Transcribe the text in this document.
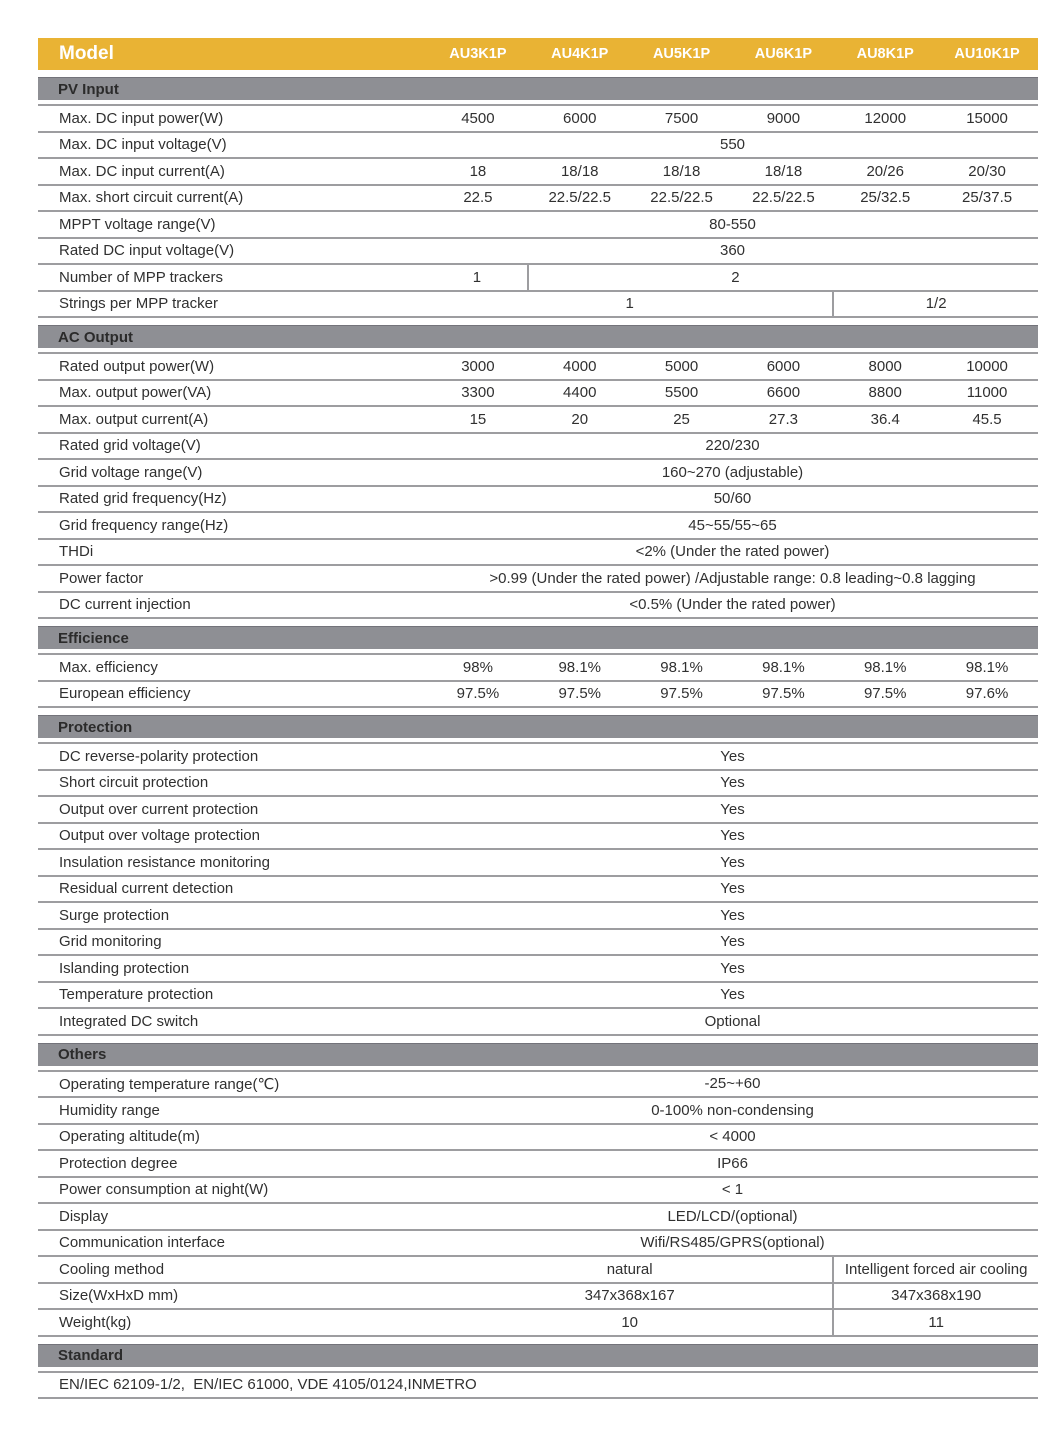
Model	AU3K1P	AU4K1P	AU5K1P	AU6K1P	AU8K1P	AU10K1P
PV Input
Max. DC input power(W)	4500	6000	7500	9000	12000	15000
Max. DC input voltage(V)	550
Max. DC input current(A)	18	18/18	18/18	18/18	20/26	20/30
Max. short circuit current(A)	22.5	22.5/22.5	22.5/22.5	22.5/22.5	25/32.5	25/37.5
MPPT voltage range(V)	80-550
Rated DC input voltage(V)	360
Number of MPP trackers	1	2
Strings per MPP tracker	1	1/2
AC Output
Rated output power(W)	3000	4000	5000	6000	8000	10000
Max. output power(VA)	3300	4400	5500	6600	8800	11000
Max. output current(A)	15	20	25	27.3	36.4	45.5
Rated grid voltage(V)	220/230
Grid voltage range(V)	160~270 (adjustable)
Rated grid frequency(Hz)	50/60
Grid frequency range(Hz)	45~55/55~65
THDi	<2% (Under the rated power)
Power factor	>0.99 (Under the rated power) /Adjustable range: 0.8 leading~0.8 lagging
DC current injection	<0.5% (Under the rated power)
Efficience
Max. efficiency	98%	98.1%	98.1%	98.1%	98.1%	98.1%
European efficiency	97.5%	97.5%	97.5%	97.5%	97.5%	97.6%
Protection
DC reverse-polarity protection	Yes
Short circuit protection	Yes
Output over current protection	Yes
Output over voltage protection	Yes
Insulation resistance monitoring	Yes
Residual current detection	Yes
Surge protection	Yes
Grid monitoring	Yes
Islanding protection	Yes
Temperature protection	Yes
Integrated DC switch	Optional
Others
Operating temperature range(℃)	-25~+60
Humidity range	0-100% non-condensing
Operating altitude(m)	< 4000
Protection degree	IP66
Power consumption at night(W)	< 1
Display	LED/LCD/(optional)
Communication interface	Wifi/RS485/GPRS(optional)
Cooling method	natural	Intelligent forced air cooling
Size(WxHxD mm)	347x368x167	347x368x190
Weight(kg)	10	11
Standard
EN/IEC 62109-1/2,  EN/IEC 61000, VDE 4105/0124,INMETRO
